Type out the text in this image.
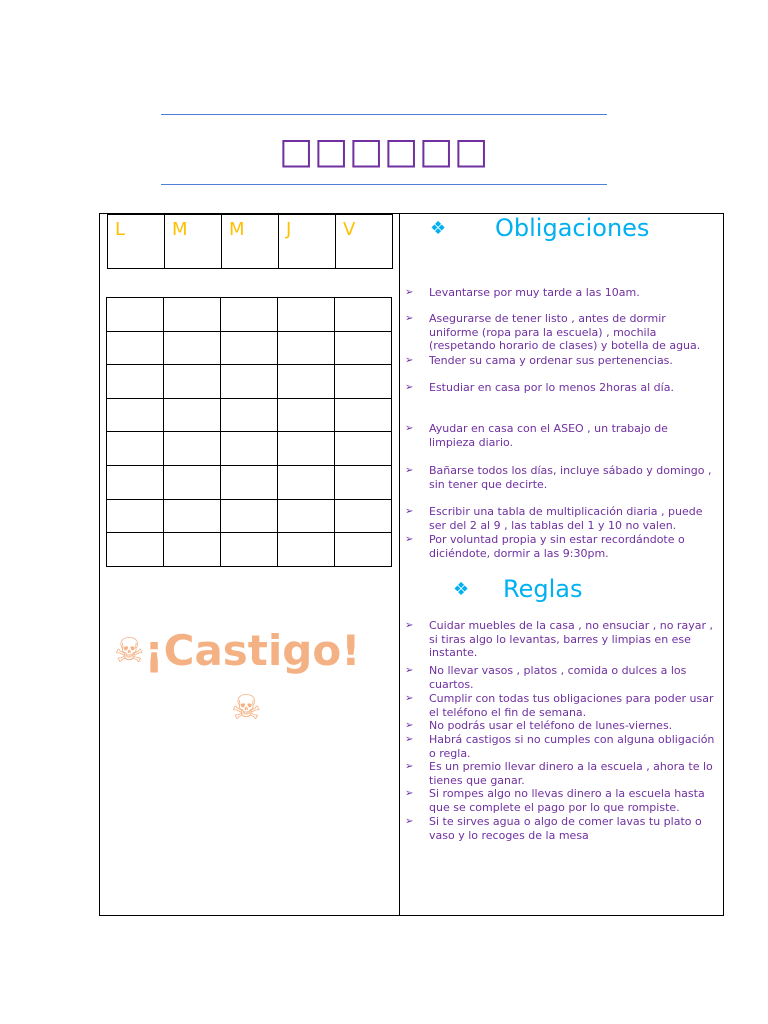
□□□□□□
L	M	M	J	V

☠ ¡Castigo!
☠
❖	Obligaciones
➢ Levantarse por muy tarde a las 10am.
➢ Asegurarse de tener listo , antes de dormir uniforme (ropa para la escuela) , mochila (respetando horario de clases) y botella de agua.
➢ Tender su cama y ordenar sus pertenencias.
➢ Estudiar en casa por lo menos 2horas al día.
➢ Ayudar en casa con el ASEO , un trabajo de limpieza diario.
➢ Bañarse todos los días, incluye sábado y domingo , sin tener que decirte.
➢ Escribir una tabla de multiplicación diaria , puede ser del 2 al 9 , las tablas del 1 y 10 no valen.
➢ Por voluntad propia y sin estar recordándote o diciéndote, dormir a las 9:30pm.
❖	Reglas
➢ Cuidar muebles de la casa , no ensuciar , no rayar , si tiras algo lo levantas, barres y limpias en ese instante.
➢ No llevar vasos , platos , comida o dulces a los cuartos.
➢ Cumplir con todas tus obligaciones para poder usar el teléfono el fin de semana.
➢ No podrás usar el teléfono de lunes-viernes.
➢ Habrá castigos si no cumples con alguna obligación o regla.
➢ Es un premio llevar dinero a la escuela , ahora te lo tienes que ganar.
➢ Si rompes algo no llevas dinero a la escuela hasta que se complete el pago por lo que rompiste.
➢ Si te sirves agua o algo de comer lavas tu plato o vaso y lo recoges de la mesa
